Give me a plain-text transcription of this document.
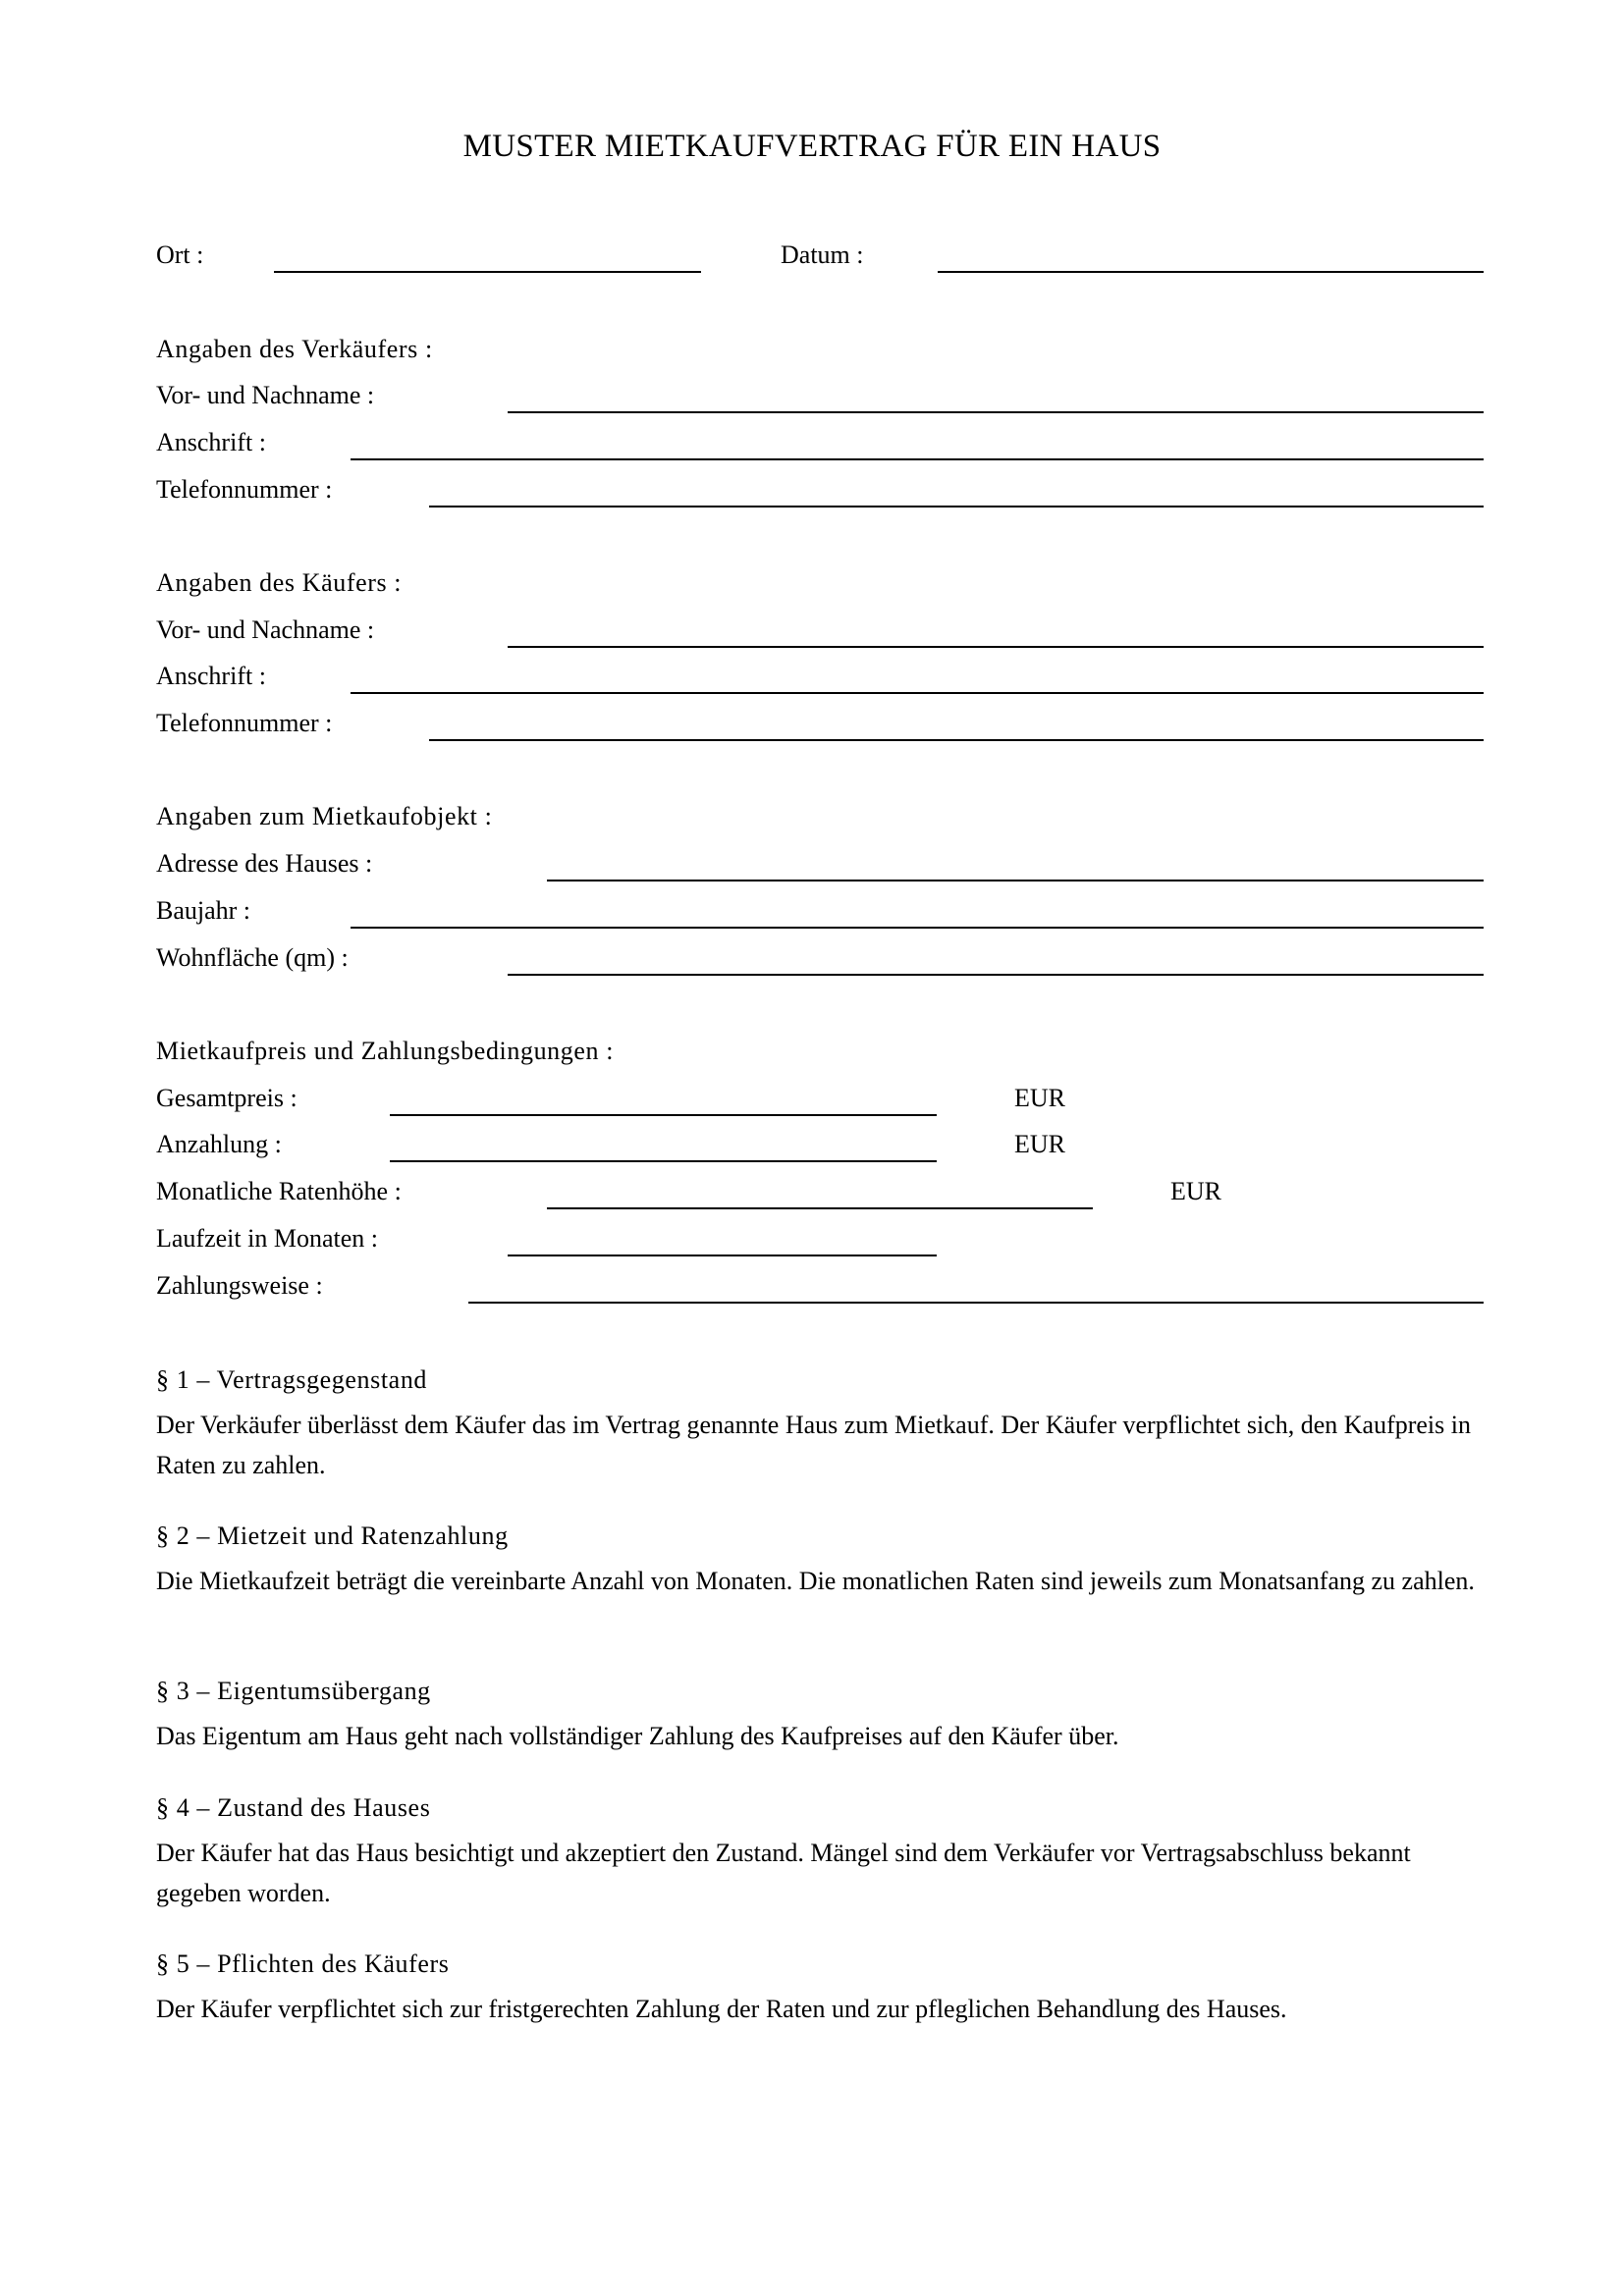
MUSTER MIETKAUFVERTRAG FÜR EIN HAUS
Ort :	Datum :
Angaben des Verkäufers :
Vor- und Nachname :
Anschrift :
Telefonnummer :
Angaben des Käufers :
Vor- und Nachname :
Anschrift :
Telefonnummer :
Angaben zum Mietkaufobjekt :
Adresse des Hauses :
Baujahr :
Wohnfläche (qm) :
Mietkaufpreis und Zahlungsbedingungen :
Gesamtpreis :	EUR
Anzahlung :	EUR
Monatliche Ratenhöhe :	EUR
Laufzeit in Monaten :
Zahlungsweise :
§ 1 – Vertragsgegenstand
Der Verkäufer überlässt dem Käufer das im Vertrag genannte Haus zum Mietkauf. Der Käufer verpflichtet sich, den Kaufpreis in Raten zu zahlen.
§ 2 – Mietzeit und Ratenzahlung
Die Mietkaufzeit beträgt die vereinbarte Anzahl von Monaten. Die monatlichen Raten sind jeweils zum Monatsanfang zu zahlen.
§ 3 – Eigentumsübergang
Das Eigentum am Haus geht nach vollständiger Zahlung des Kaufpreises auf den Käufer über.
§ 4 – Zustand des Hauses
Der Käufer hat das Haus besichtigt und akzeptiert den Zustand. Mängel sind dem Verkäufer vor Vertragsabschluss bekannt gegeben worden.
§ 5 – Pflichten des Käufers
Der Käufer verpflichtet sich zur fristgerechten Zahlung der Raten und zur pfleglichen Behandlung des Hauses.
